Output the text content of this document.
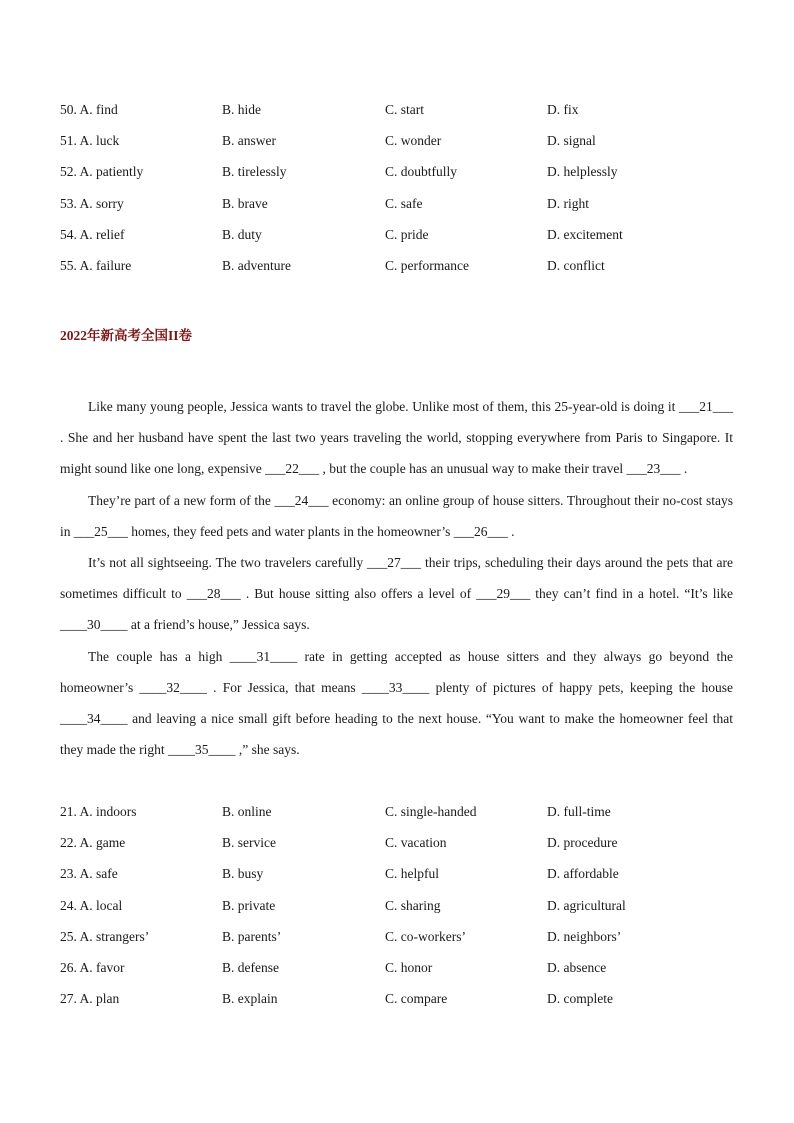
50. A. find	B. hide	C. start	D. fix
51. A. luck	B. answer	C. wonder	D. signal
52. A. patiently	B. tirelessly	C. doubtfully	D. helplessly
53. A. sorry	B. brave	C. safe	D. right
54. A. relief	B. duty	C. pride	D. excitement
55. A. failure	B. adventure	C. performance	D. conflict
2022年新高考全国II卷

Like many young people, Jessica wants to travel the globe. Unlike most of them, this 25-year-old is doing it ___21___ . She and her husband have spent the last two years traveling the world, stopping everywhere from Paris to Singapore. It might sound like one long, expensive ___22___ , but the couple has an unusual way to make their travel ___23___ .

They’re part of a new form of the ___24___ economy: an online group of house sitters. Throughout their no-cost stays in ___25___ homes, they feed pets and water plants in the homeowner’s ___26___ .

It’s not all sightseeing. The two travelers carefully ___27___ their trips, scheduling their days around the pets that are sometimes difficult to ___28___ . But house sitting also offers a level of ___29___ they can’t find in a hotel. “It’s like ____30____ at a friend’s house,” Jessica says.

The couple has a high ____31____ rate in getting accepted as house sitters and they always go beyond the homeowner’s ____32____ . For Jessica, that means ____33____ plenty of pictures of happy pets, keeping the house ____34____ and leaving a nice small gift before heading to the next house. “You want to make the homeowner feel that they made the right ____35____ ,” she says.

21. A. indoors	B. online	C. single-handed	D. full-time
22. A. game	B. service	C. vacation	D. procedure
23. A. safe	B. busy	C. helpful	D. affordable
24. A. local	B. private	C. sharing	D. agricultural
25. A. strangers’	B. parents’	C. co-workers’	D. neighbors’
26. A. favor	B. defense	C. honor	D. absence
27. A. plan	B. explain	C. compare	D. complete
